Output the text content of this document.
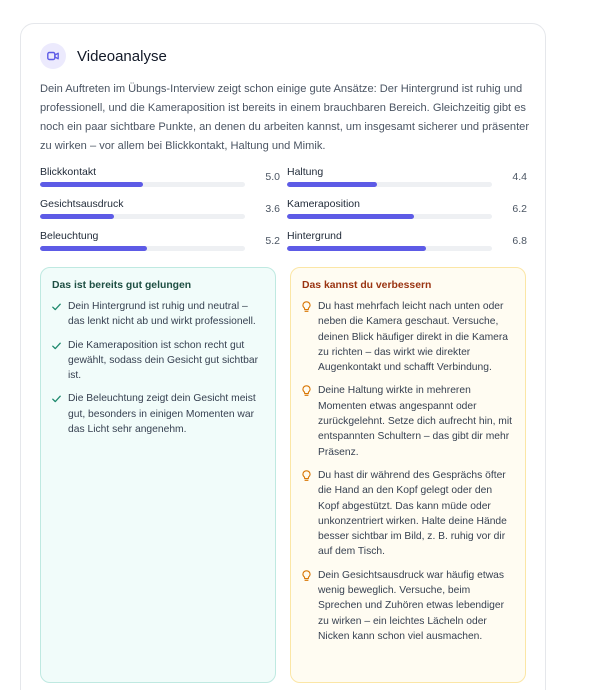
Videoanalyse

Dein Auftreten im Übungs-Interview zeigt schon einige gute Ansätze: Der Hintergrund ist ruhig und professionell, und die Kameraposition ist bereits in einem brauchbaren Bereich. Gleichzeitig gibt es noch ein paar sichtbare Punkte, an denen du arbeiten kannst, um insgesamt sicherer und präsenter zu wirken – vor allem bei Blickkontakt, Haltung und Mimik.

Blickkontakt	5.0 Haltung	4.4
Gesichtsausdruck	3.6 Kameraposition	6.2
Beleuchtung	5.2 Hintergrund	6.8
Das ist bereits gut gelungen
Dein Hintergrund ist ruhig und neutral – das lenkt nicht ab und wirkt professionell.
Die Kameraposition ist schon recht gut gewählt, sodass dein Gesicht gut sichtbar ist.
Die Beleuchtung zeigt dein Gesicht meist gut, besonders in einigen Momenten war das Licht sehr angenehm.
Das kannst du verbessern
Du hast mehrfach leicht nach unten oder neben die Kamera geschaut. Versuche, deinen Blick häufiger direkt in die Kamera zu richten – das wirkt wie direkter Augenkontakt und schafft Verbindung.
Deine Haltung wirkte in mehreren Momenten etwas angespannt oder zurückgelehnt. Setze dich aufrecht hin, mit entspannten Schultern – das gibt dir mehr Präsenz.
Du hast dir während des Gesprächs öfter die Hand an den Kopf gelegt oder den Kopf abgestützt. Das kann müde oder unkonzentriert wirken. Halte deine Hände besser sichtbar im Bild, z. B. ruhig vor dir auf dem Tisch.
Dein Gesichtsausdruck war häufig etwas wenig beweglich. Versuche, beim Sprechen und Zuhören etwas lebendiger zu wirken – ein leichtes Lächeln oder Nicken kann schon viel ausmachen.
